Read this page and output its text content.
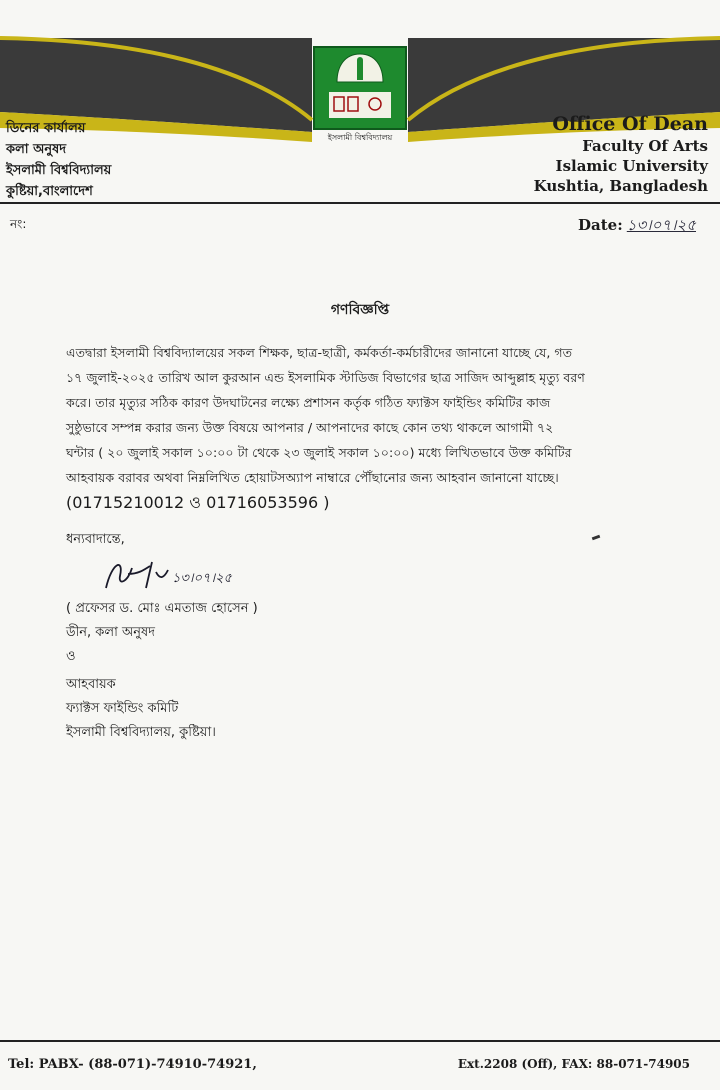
ইসলামী বিশ্ববিদ্যালয়
ডিনের কার্যালয়
কলা অনুষদ
ইসলামী বিশ্ববিদ্যালয়
কুষ্টিয়া,বাংলাদেশ
Office Of Dean
Faculty Of Arts
Islamic University
Kushtia, Bangladesh
নং:	Date: ১৩।০৭।২৫
গণবিজ্ঞপ্তি
এতদ্বারা ইসলামী বিশ্ববিদ্যালয়ের সকল শিক্ষক, ছাত্র-ছাত্রী, কর্মকর্তা-কর্মচারীদের জানানো যাচ্ছে যে, গত
১৭ জুলাই-২০২৫ তারিখ আল কুরআন এন্ড ইসলামিক স্টাডিজ বিভাগের ছাত্র সাজিদ আব্দুল্লাহ মৃত্যু বরণ
করে। তার মৃত্যুর সঠিক কারণ উদঘাটনের লক্ষ্যে প্রশাসন কর্তৃক গঠিত ফ্যাক্টস ফাইন্ডিং কমিটির কাজ
সুষ্ঠুভাবে সম্পন্ন করার জন্য উক্ত বিষয়ে আপনার / আপনাদের কাছে কোন তথ্য থাকলে আগামী ৭২
ঘন্টার ( ২০ জুলাই সকাল ১০:০০ টা থেকে ২৩ জুলাই সকাল ১০:০০) মধ্যে লিখিতভাবে উক্ত কমিটির
আহবায়ক বরাবর অথবা নিম্নলিখিত হোয়াটসঅ্যাপ নাম্বারে পৌঁছানোর জন্য আহবান জানানো যাচ্ছে।
(01715210012 ও 01716053596 )
ধন্যবাদান্তে,
১৩।০৭।২৫
( প্রফেসর ড. মোঃ এমতাজ হোসেন )
ডীন, কলা অনুষদ
ও
আহবায়ক
ফ্যাক্টস ফাইন্ডিং কমিটি
ইসলামী বিশ্ববিদ্যালয়, কুষ্টিয়া।
Tel: PABX- (88-071)-74910-74921,	Ext.2208 (Off), FAX: 88-071-74905
